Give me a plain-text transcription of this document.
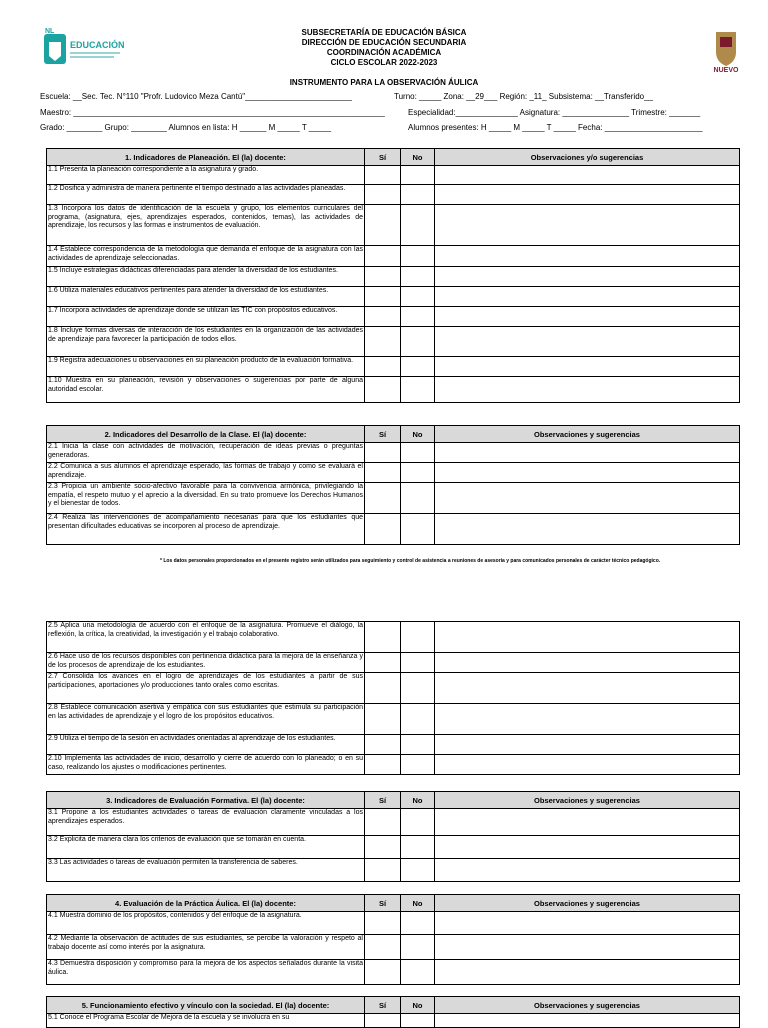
NL
EDUCACIÓN
NUEVO
SUBSECRETARÍA DE EDUCACIÓN BÁSICA
DIRECCIÓN DE EDUCACIÓN SECUNDARIA
COORDINACIÓN ACADÉMICA
CICLO ESCOLAR 2022-2023
INSTRUMENTO PARA LA OBSERVACIÓN ÁULICA
Escuela: __Sec. Tec. N°110 "Profr. Ludovico Meza Cantú"________________________	Turno: _____ Zona: __29___ Región: _11_ Subsistema: __Transferido__
Maestro: ______________________________________________________________________	Especialidad:______________ Asignatura: _______________ Trimestre: _______
Grado: ________ Grupo: ________ Alumnos en lista: H ______ M _____ T _____	Alumnos presentes: H _____ M _____ T _____ Fecha: ______________________
1. Indicadores de Planeación. El (la) docente:	Sí	No	Observaciones y/o sugerencias
1.1 Presenta la planeación correspondiente a la asignatura y grado.			
1.2 Dosifica y administra de manera pertinente el tiempo destinado a las actividades planeadas.			
1.3 Incorpora los datos de identificación de la escuela y grupo, los elementos curriculares del programa, (asignatura, ejes, aprendizajes esperados, contenidos, temas), las actividades de aprendizaje, los recursos y las formas e instrumentos de evaluación.			
1.4 Establece correspondencia de la metodología que demanda el enfoque de la asignatura con las actividades de aprendizaje seleccionadas.			
1.5 Incluye estrategias didácticas diferenciadas para atender la diversidad de los estudiantes.			
1.6 Utiliza materiales educativos pertinentes para atender la diversidad de los estudiantes.			
1.7 Incorpora actividades de aprendizaje donde se utilizan las TIC con propósitos educativos.			
1.8 Incluye formas diversas de interacción de los estudiantes en la organización de las actividades de aprendizaje para favorecer la participación de todos ellos.			
1.9 Registra adecuaciones u observaciones en su planeación producto de la evaluación formativa.			
1.10 Muestra en su planeación, revisión y observaciones o sugerencias por parte de alguna autoridad escolar.			
2. Indicadores del Desarrollo de la Clase. El (la) docente:	Sí	No	Observaciones y sugerencias
2.1 Inicia la clase con actividades de motivación, recuperación de ideas previas o preguntas generadoras.			
2.2 Comunica a sus alumnos el aprendizaje esperado, las formas de trabajo y como se evaluará el aprendizaje.			
2.3 Propicia un ambiente socio-afectivo favorable para la convivencia armónica, privilegiando la empatía, el respeto mutuo y el aprecio a la diversidad. En su trato promueve los Derechos Humanos y el bienestar de todos.			
2.4 Realiza las intervenciones de acompañamiento necesarias para que los estudiantes que presentan dificultades educativas se incorporen al proceso de aprendizaje.			
* Los datos personales proporcionados en el presente registro serán utilizados para seguimiento y control de asistencia a reuniones de asesoría y para comunicados personales de carácter técnico pedagógico.
2.5 Aplica una metodología de acuerdo con el enfoque de la asignatura. Promueve el diálogo, la reflexión, la crítica, la creatividad, la investigación y el trabajo colaborativo.			
2.6 Hace uso de los recursos disponibles con pertinencia didáctica para la mejora de la enseñanza y de los procesos de aprendizaje de los estudiantes.			
2.7 Consolida los avances en el logro de aprendizajes de los estudiantes a partir de sus participaciones, aportaciones y/o producciones tanto orales como escritas.			
2.8 Establece comunicación asertiva y empática con sus estudiantes que estimula su participación en las actividades de aprendizaje y el logro de los propósitos educativos.			
2.9 Utiliza el tiempo de la sesión en actividades orientadas al aprendizaje de los estudiantes.			
2.10 Implementa las actividades de inicio, desarrollo y cierre de acuerdo con lo planeado; o en su caso, realizando los ajustes o modificaciones pertinentes.			
3. Indicadores de Evaluación Formativa. El (la) docente:	Sí	No	Observaciones y sugerencias
3.1 Propone a los estudiantes actividades o tareas de evaluación claramente vinculadas a los aprendizajes esperados.			
3.2 Explicita de manera clara los criterios de evaluación que se tomarán en cuenta.			
3.3 Las actividades o tareas de evaluación permiten la transferencia de saberes.			
4. Evaluación de la Práctica Áulica. El (la) docente:	Sí	No	Observaciones y sugerencias
4.1 Muestra dominio de los propósitos, contenidos y del enfoque de la asignatura.			
4.2 Mediante la observación de actitudes de sus estudiantes, se percibe la valoración y respeto al trabajo docente así como interés por la asignatura.			
4.3 Demuestra disposición y compromiso para la mejora de los aspectos señalados durante la visita áulica.			
5. Funcionamiento efectivo y vínculo con la sociedad. El (la) docente:	Sí	No	Observaciones y sugerencias
5.1 Conoce el Programa Escolar de Mejora de la escuela y se involucra en su			
